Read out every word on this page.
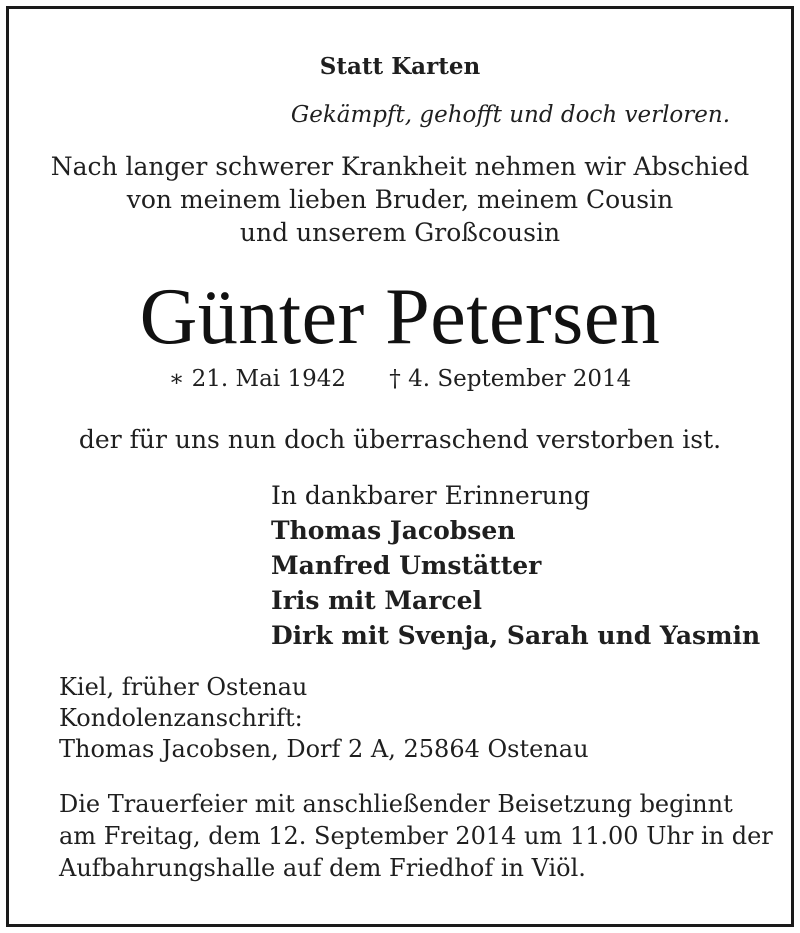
Statt Karten
Gekämpft, gehofft und doch verloren.
Nach langer schwerer Krankheit nehmen wir Abschied
von meinem lieben Bruder, meinem Cousin
und unserem Großcousin
Günter Petersen
∗ 21. Mai 1942 † 4. September 2014
der für uns nun doch überraschend verstorben ist.
In dankbarer Erinnerung
Thomas Jacobsen
Manfred Umstätter
Iris mit Marcel
Dirk mit Svenja, Sarah und Yasmin
Kiel, früher Ostenau
Kondolenzanschrift:
Thomas Jacobsen, Dorf 2 A, 25864 Ostenau
Die Trauerfeier mit anschließender Beisetzung beginnt
am Freitag, dem 12. September 2014 um 11.00 Uhr in der
Aufbahrungshalle auf dem Friedhof in Viöl.
